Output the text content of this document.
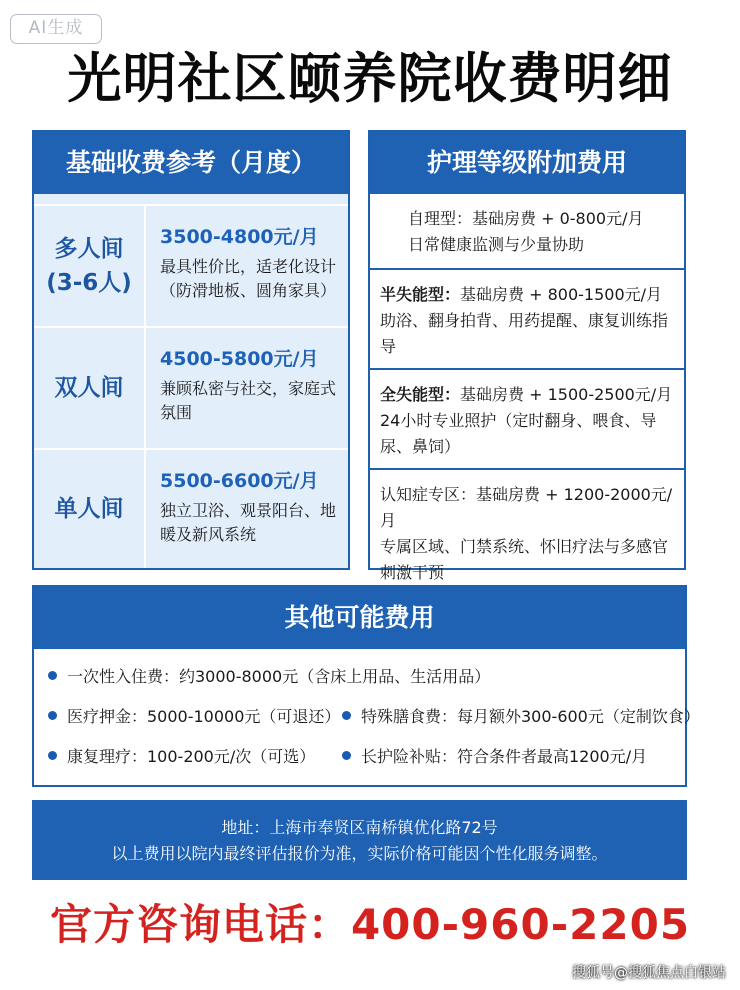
AI生成
光明社区颐养院收费明细
基础收费参考（月度）
多人间
(3-6人)
3500-4800元/月
最具性价比，适老化设计（防滑地板、圆角家具）
双人间
4500-5800元/月
兼顾私密与社交，家庭式氛围
单人间
5500-6600元/月
独立卫浴、观景阳台、地暖及新风系统
护理等级附加费用
自理型：基础房费 + 0-800元/月
日常健康监测与少量协助
半失能型：基础房费 + 800-1500元/月
助浴、翻身拍背、用药提醒、康复训练指导
全失能型：基础房费 + 1500-2500元/月
24小时专业照护（定时翻身、喂食、导尿、鼻饲）
认知症专区：基础房费 + 1200-2000元/月
专属区域、门禁系统、怀旧疗法与多感官刺激干预
其他可能费用
一次性入住费：约3000-8000元（含床上用品、生活用品）
医疗押金：5000-10000元（可退还）	特殊膳食费：每月额外300-600元（定制饮食）
康复理疗：100-200元/次（可选）	长护险补贴：符合条件者最高1200元/月
地址：上海市奉贤区南桥镇优化路72号
以上费用以院内最终评估报价为准，实际价格可能因个性化服务调整。
官方咨询电话：400-960-2205
搜狐号@搜狐焦点白银站
